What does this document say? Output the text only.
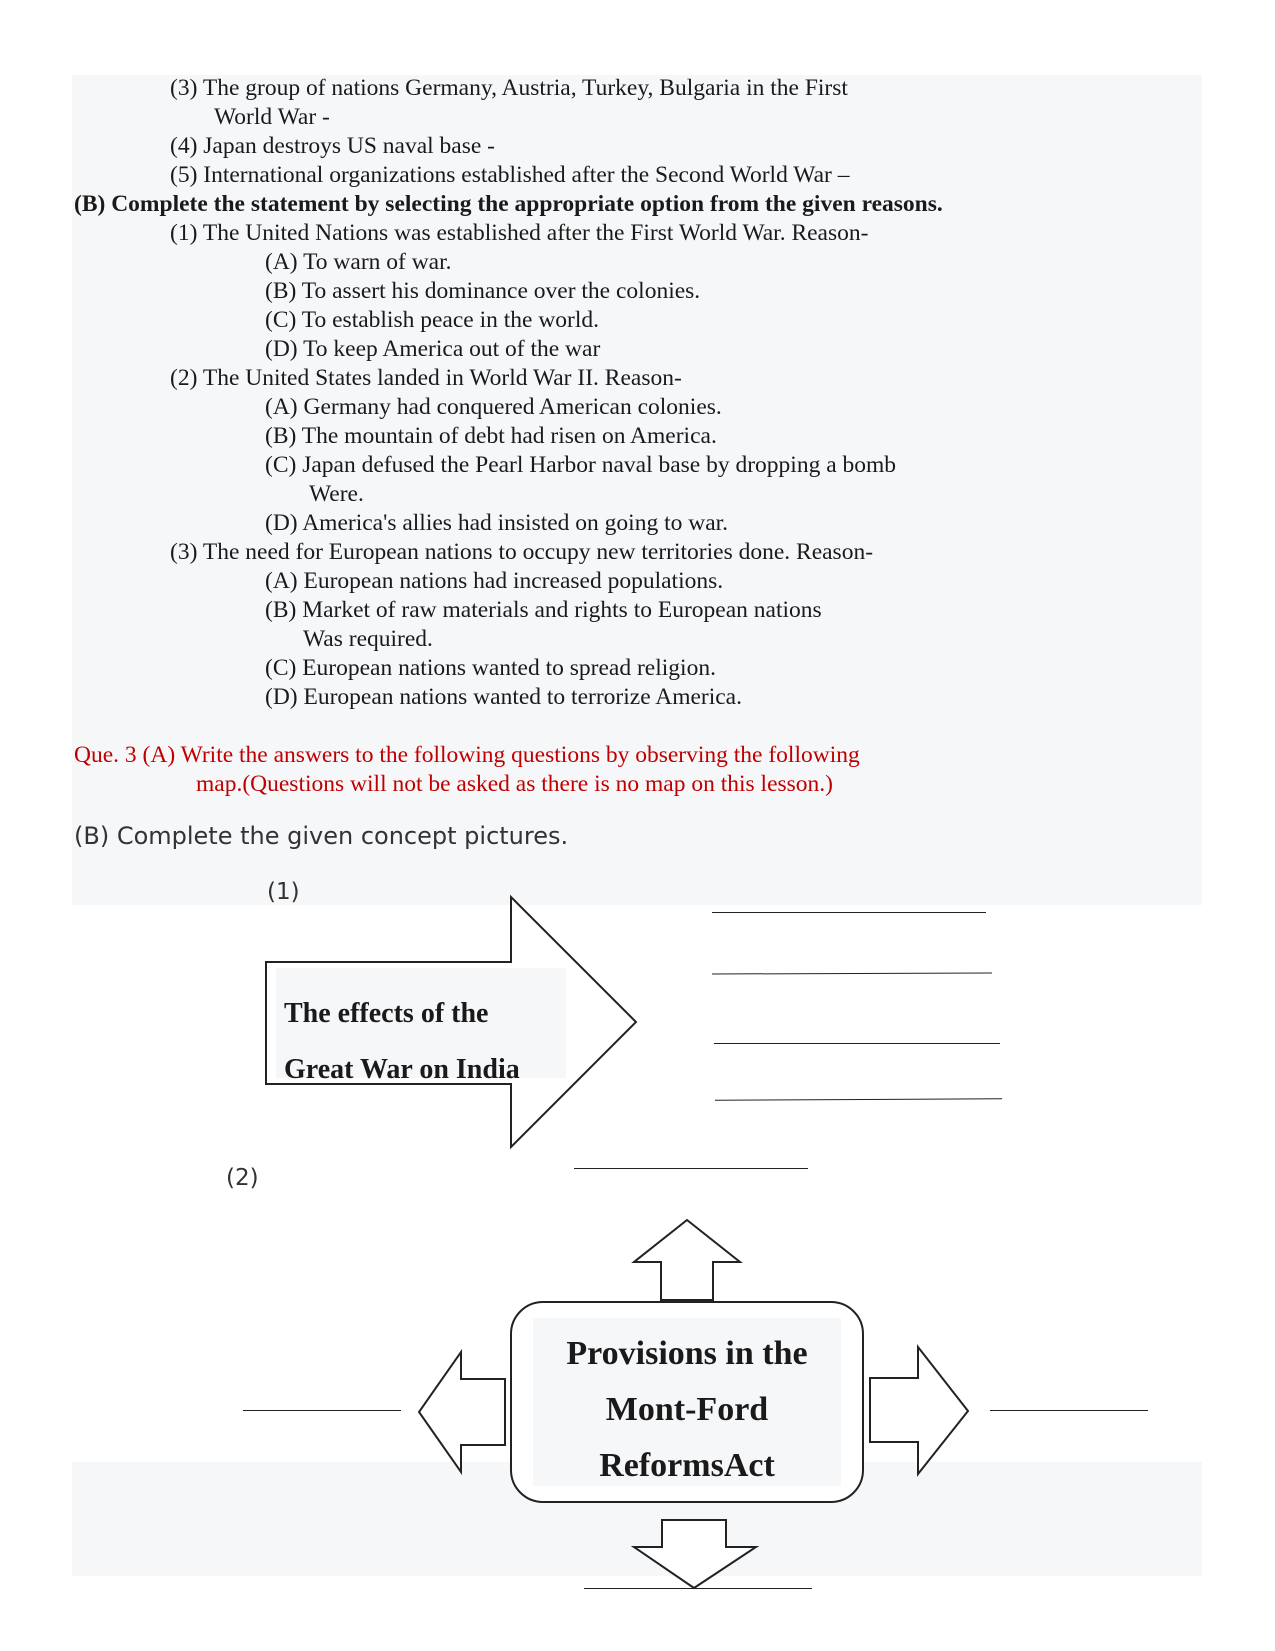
(3) The group of nations Germany, Austria, Turkey, Bulgaria in the First
World War -
(4) Japan destroys US naval base -
(5) International organizations established after the Second World War –
(B) Complete the statement by selecting the appropriate option from the given reasons.
(1) The United Nations was established after the First World War. Reason-
(A) To warn of war.
(B) To assert his dominance over the colonies.
(C) To establish peace in the world.
(D) To keep America out of the war
(2) The United States landed in World War II. Reason-
(A) Germany had conquered American colonies.
(B) The mountain of debt had risen on America.
(C) Japan defused the Pearl Harbor naval base by dropping a bomb
Were.
(D) America's allies had insisted on going to war.
(3) The need for European nations to occupy new territories done. Reason-
(A) European nations had increased populations.
(B) Market of raw materials and rights to European nations
Was required.
(C) European nations wanted to spread religion.
(D) European nations wanted to terrorize America.
Que. 3 (A) Write the answers to the following questions by observing the following
map.(Questions will not be asked as there is no map on this lesson.)
(B) Complete the given concept pictures.
(1)
The effects of the
Great War on India
(2)
Provisions in the
Mont-Ford
ReformsAct
